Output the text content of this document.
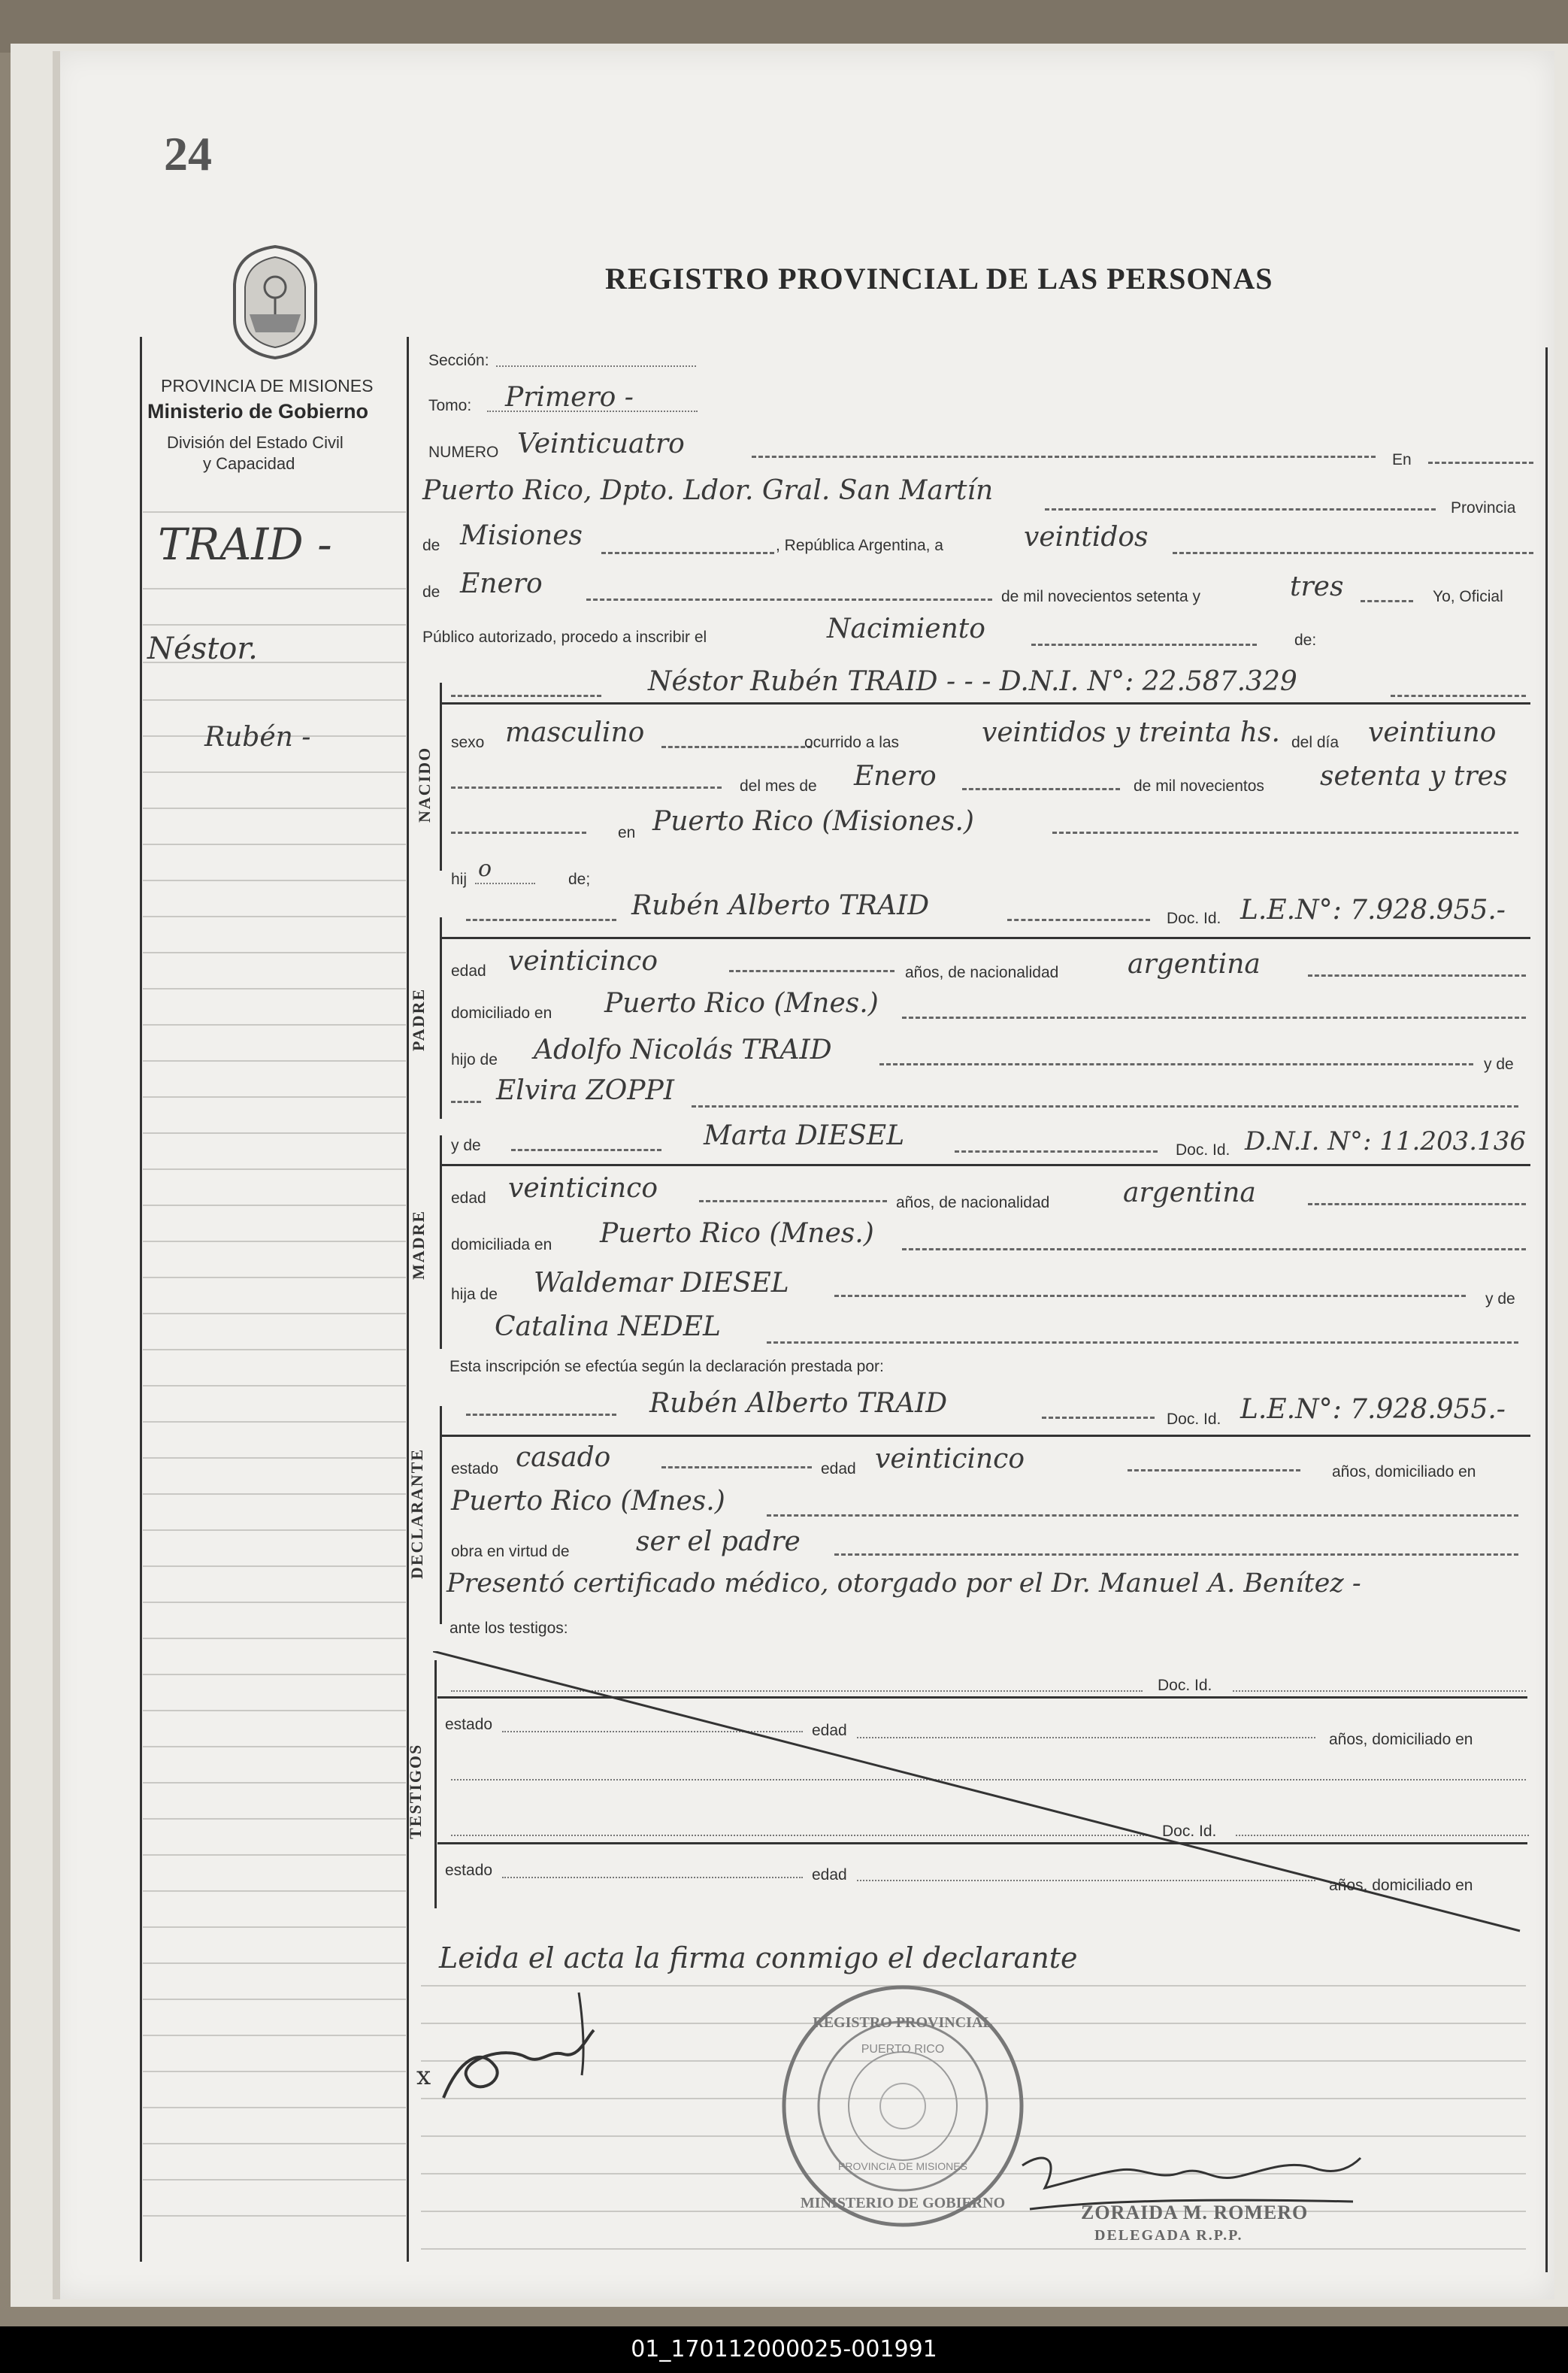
24
REGISTRO PROVINCIAL DE LAS PERSONAS
PROVINCIA DE MISIONES
Ministerio de Gobierno
División del Estado Civil
y Capacidad
TRAID -
Néstor.
Rubén -
Sección:
Tomo: Primero -
NUMERO Veinticuatro
En
Puerto Rico, Dpto. Ldor. Gral. San Martín
Provincia
de Misiones	, República Argentina, a	veintidos
de Enero	de mil novecientos setenta y	tres	Yo, Oficial
Público autorizado, procedo a inscribir el	Nacimiento	de:
NACIDO
Néstor Rubén TRAID - - - D.N.I. N°: 22.587.329
sexo masculino	ocurrido a las	veintidos y treinta hs. del día veintiuno
del mes de Enero	de mil novecientos setenta y tres
en Puerto Rico (Misiones.)
hij o	de;
PADRE
Rubén Alberto TRAID	Doc. Id. L.E.N°: 7.928.955.-
edad veinticinco	años, de nacionalidad	argentina
domiciliado en Puerto Rico (Mnes.)
hijo de Adolfo Nicolás TRAID	y de
Elvira ZOPPI
y de	Marta DIESEL	Doc. Id. D.N.I. N°: 11.203.136
MADRE
edad veinticinco	años, de nacionalidad	argentina
domiciliada en Puerto Rico (Mnes.)
hija de Waldemar DIESEL
y de
Catalina NEDEL
Esta inscripción se efectúa según la declaración prestada por:
DECLARANTE
Rubén Alberto TRAID
Doc. Id. L.E.N°: 7.928.955.-
estado casado	edad veinticinco	años, domiciliado en
Puerto Rico (Mnes.)
obra en virtud de ser el padre
Presentó certificado médico, otorgado por el Dr. Manuel A. Benítez -
ante los testigos:
TESTIGOS
Doc. Id.
estado	edad
años, domiciliado en
Doc. Id.
estado	edad
años, domiciliado en
Leida el acta la firma conmigo el declarante
x
REGISTRO PROVINCIAL
MINISTERIO DE GOBIERNO
PUERTO RICO
PROVINCIA DE MISIONES
ZORAIDA M. ROMERO
DELEGADA R.P.P.
01_170112000025-001991
